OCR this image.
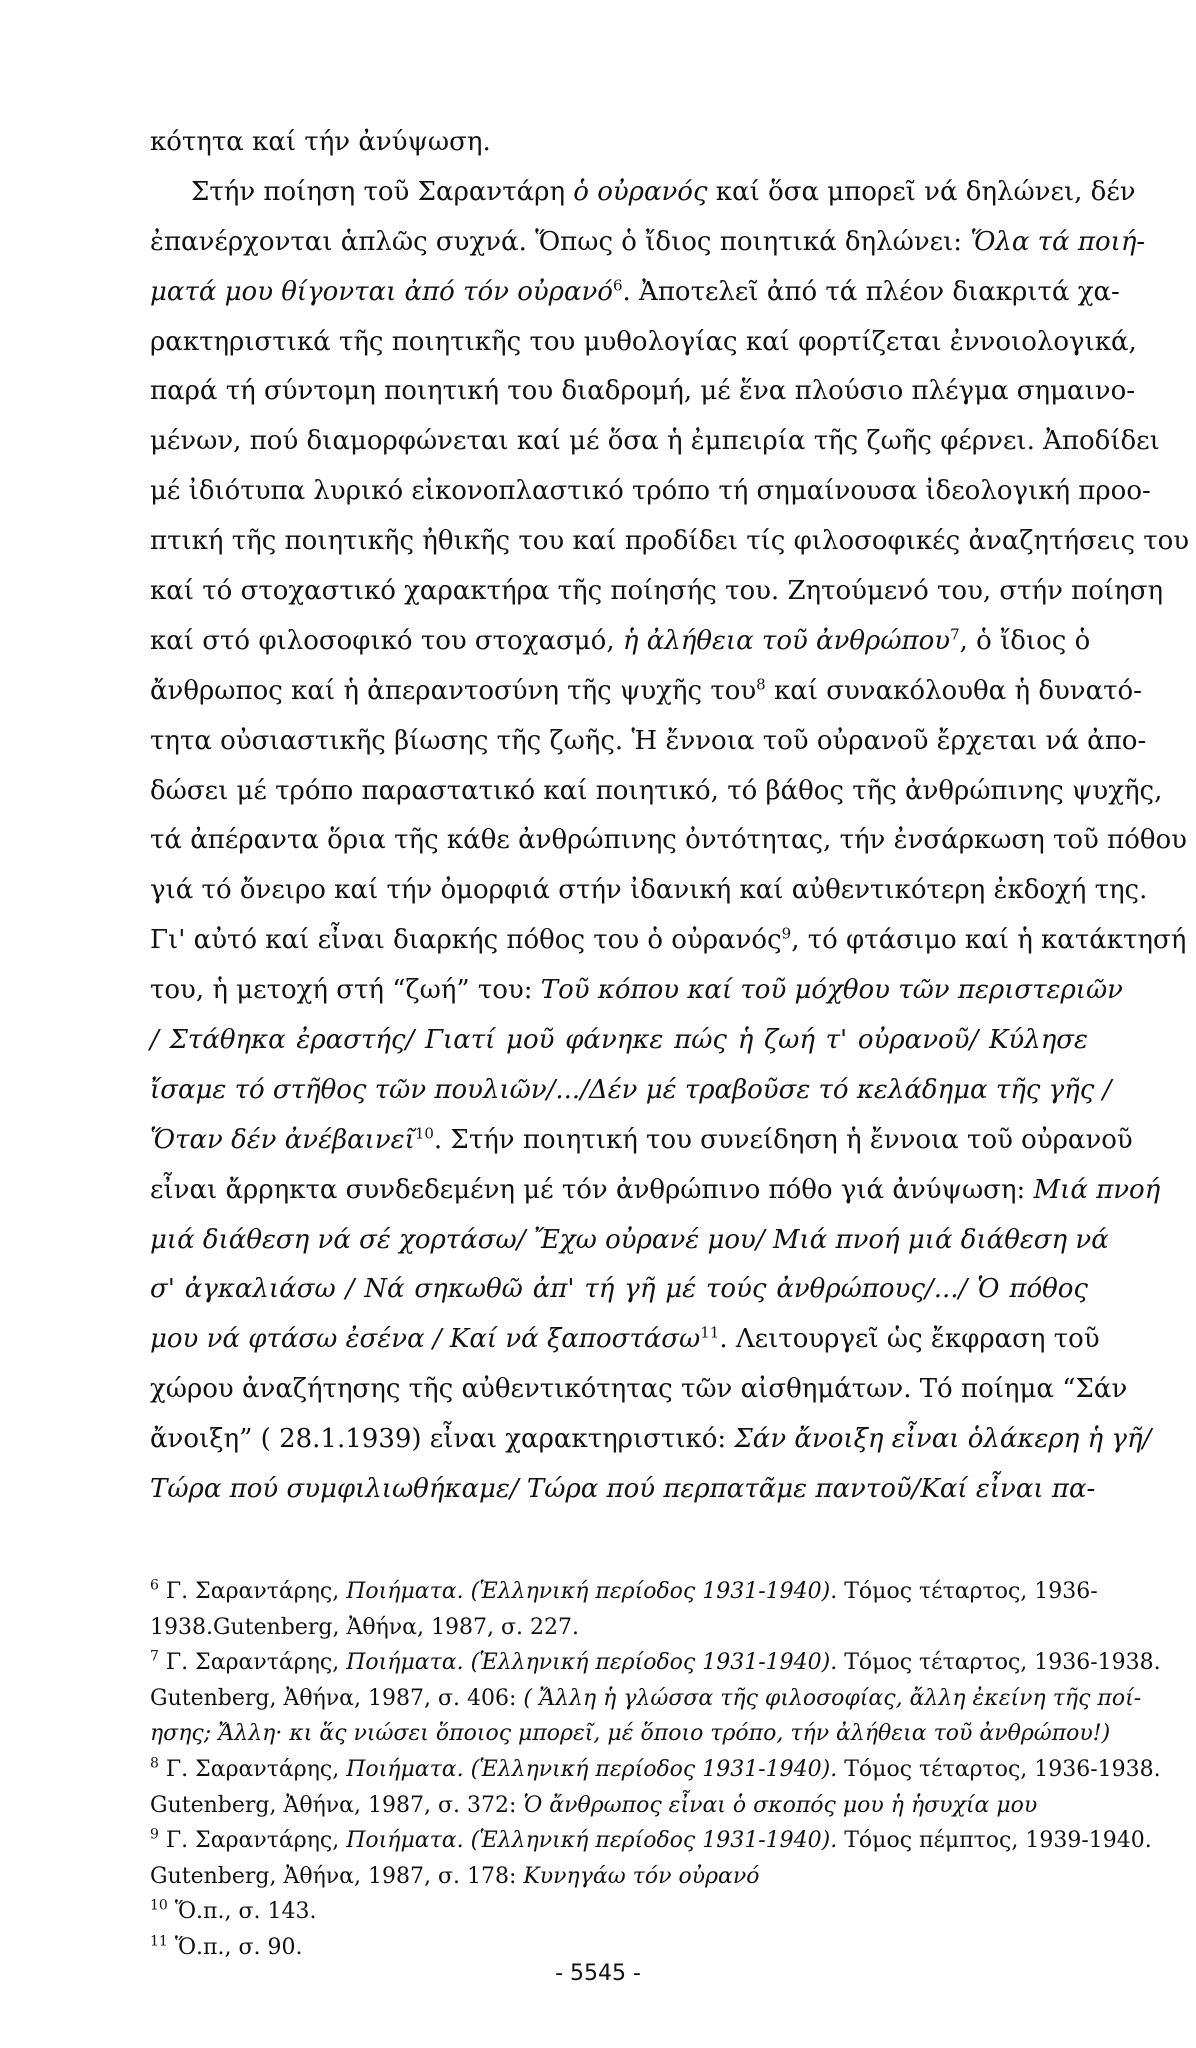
κότητα καί τήν ἀνύψωση.
Στήν ποίηση τοῦ Σαραντάρη ὁ οὐρανός καί ὅσα μπορεῖ νά δηλώνει, δέν
ἐπανέρχονται ἁπλῶς συχνά. Ὅπως ὁ ἴδιος ποιητικά δηλώνει: Ὅλα τά ποιή-
ματά μου θίγονται ἀπό τόν οὐρανό$^6$. Ἀποτελεῖ ἀπό τά πλέον διακριτά χα-
ρακτηριστικά τῆς ποιητικῆς του μυθολογίας καί φορτίζεται ἐννοιολογικά,
παρά τή σύντομη ποιητική του διαδρομή, μέ ἕνα πλούσιο πλέγμα σημαινο-
μένων, πού διαμορφώνεται καί μέ ὅσα ἡ ἐμπειρία τῆς ζωῆς φέρνει. Ἀποδίδει
μέ ἰδιότυπα λυρικό εἰκονοπλαστικό τρόπο τή σημαίνουσα ἰδεολογική προο-
πτική τῆς ποιητικῆς ἠθικῆς του καί προδίδει τίς φιλοσοφικές ἀναζητήσεις του
καί τό στοχαστικό χαρακτήρα τῆς ποίησής του. Ζητούμενό του, στήν ποίηση
καί στό φιλοσοφικό του στοχασμό, ἡ ἀλήθεια τοῦ ἀνθρώπου$^7$, ὁ ἴδιος ὁ
ἄνθρωπος καί ἡ ἀπεραντοσύνη τῆς ψυχῆς του$^8$ καί συνακόλουθα ἡ δυνατό-
τητα οὐσιαστικῆς βίωσης τῆς ζωῆς. Ἡ ἔννοια τοῦ οὐρανοῦ ἔρχεται νά ἀπο-
δώσει μέ τρόπο παραστατικό καί ποιητικό, τό βάθος τῆς ἀνθρώπινης ψυχῆς,
τά ἀπέραντα ὅρια τῆς κάθε ἀνθρώπινης ὀντότητας, τήν ἐνσάρκωση τοῦ πόθου
γιά τό ὄνειρο καί τήν ὀμορφιά στήν ἰδανική καί αὐθεντικότερη ἐκδοχή της.
Γι' αὐτό καί εἶναι διαρκής πόθος του ὁ οὐρανός$^9$, τό φτάσιμο καί ἡ κατάκτησή
του, ἡ μετοχή στή “ζωή” του: Τοῦ κόπου καί τοῦ μόχθου τῶν περιστεριῶν
/ Στάθηκα ἐραστής/ Γιατί μοῦ φάνηκε πώς ἡ ζωή τ' οὐρανοῦ/ Κύλησε
ἴσαμε τό στῆθος τῶν πουλιῶν/.../Δέν μέ τραβοῦσε τό κελάδημα τῆς γῆς /
Ὅταν δέν ἀνέβαινεῖ$^{10}$. Στήν ποιητική του συνείδηση ἡ ἔννοια τοῦ οὐρανοῦ
εἶναι ἄρρηκτα συνδεδεμένη μέ τόν ἀνθρώπινο πόθο γιά ἀνύψωση: Μιά πνοή
μιά διάθεση νά σέ χορτάσω/ Ἔχω οὐρανέ μου/ Μιά πνοή μιά διάθεση νά
σ' ἀγκαλιάσω / Νά σηκωθῶ ἀπ' τή γῆ μέ τούς ἀνθρώπους/.../ Ὁ πόθος
μου νά φτάσω ἐσένα / Καί νά ξαποστάσω$^{11}$. Λειτουργεῖ ὡς ἔκφραση τοῦ
χώρου ἀναζήτησης τῆς αὐθεντικότητας τῶν αἰσθημάτων. Τό ποίημα “Σάν
ἄνοιξη” ( 28.1.1939) εἶναι χαρακτηριστικό: Σάν ἄνοιξη εἶναι ὁλάκερη ἡ γῆ/
Τώρα πού συμφιλιωθήκαμε/ Τώρα πού περπατᾶμε παντοῦ/Καί εἶναι πα-
$^6$ Γ. Σαραντάρης, Ποιήματα. (Ἑλληνική περίοδος 1931-1940). Τόμος τέταρτος, 1936-
1938.Gutenberg, Ἀθήνα, 1987, σ. 227.
$^7$ Γ. Σαραντάρης, Ποιήματα. (Ἑλληνική περίοδος 1931-1940). Τόμος τέταρτος, 1936-1938.
Gutenberg, Ἀθήνα, 1987, σ. 406: ( Ἄλλη ἡ γλώσσα τῆς φιλοσοφίας, ἄλλη ἐκείνη τῆς ποί-
ησης; Ἄλλη· κι ἅς νιώσει ὅποιος μπορεῖ, μέ ὅποιο τρόπο, τήν ἀλήθεια τοῦ ἀνθρώπου!)
$^8$ Γ. Σαραντάρης, Ποιήματα. (Ἑλληνική περίοδος 1931-1940). Τόμος τέταρτος, 1936-1938.
Gutenberg, Ἀθήνα, 1987, σ. 372: Ὁ ἄνθρωπος εἶναι ὁ σκοπός μου ἡ ἡσυχία μου
$^9$ Γ. Σαραντάρης, Ποιήματα. (Ἑλληνική περίοδος 1931-1940). Τόμος πέμπτος, 1939-1940.
Gutenberg, Ἀθήνα, 1987, σ. 178: Κυνηγάω τόν οὐρανό
$^{10}$ Ὅ.π., σ. 143.
$^{11}$ Ὅ.π., σ. 90.
- 5545 -
